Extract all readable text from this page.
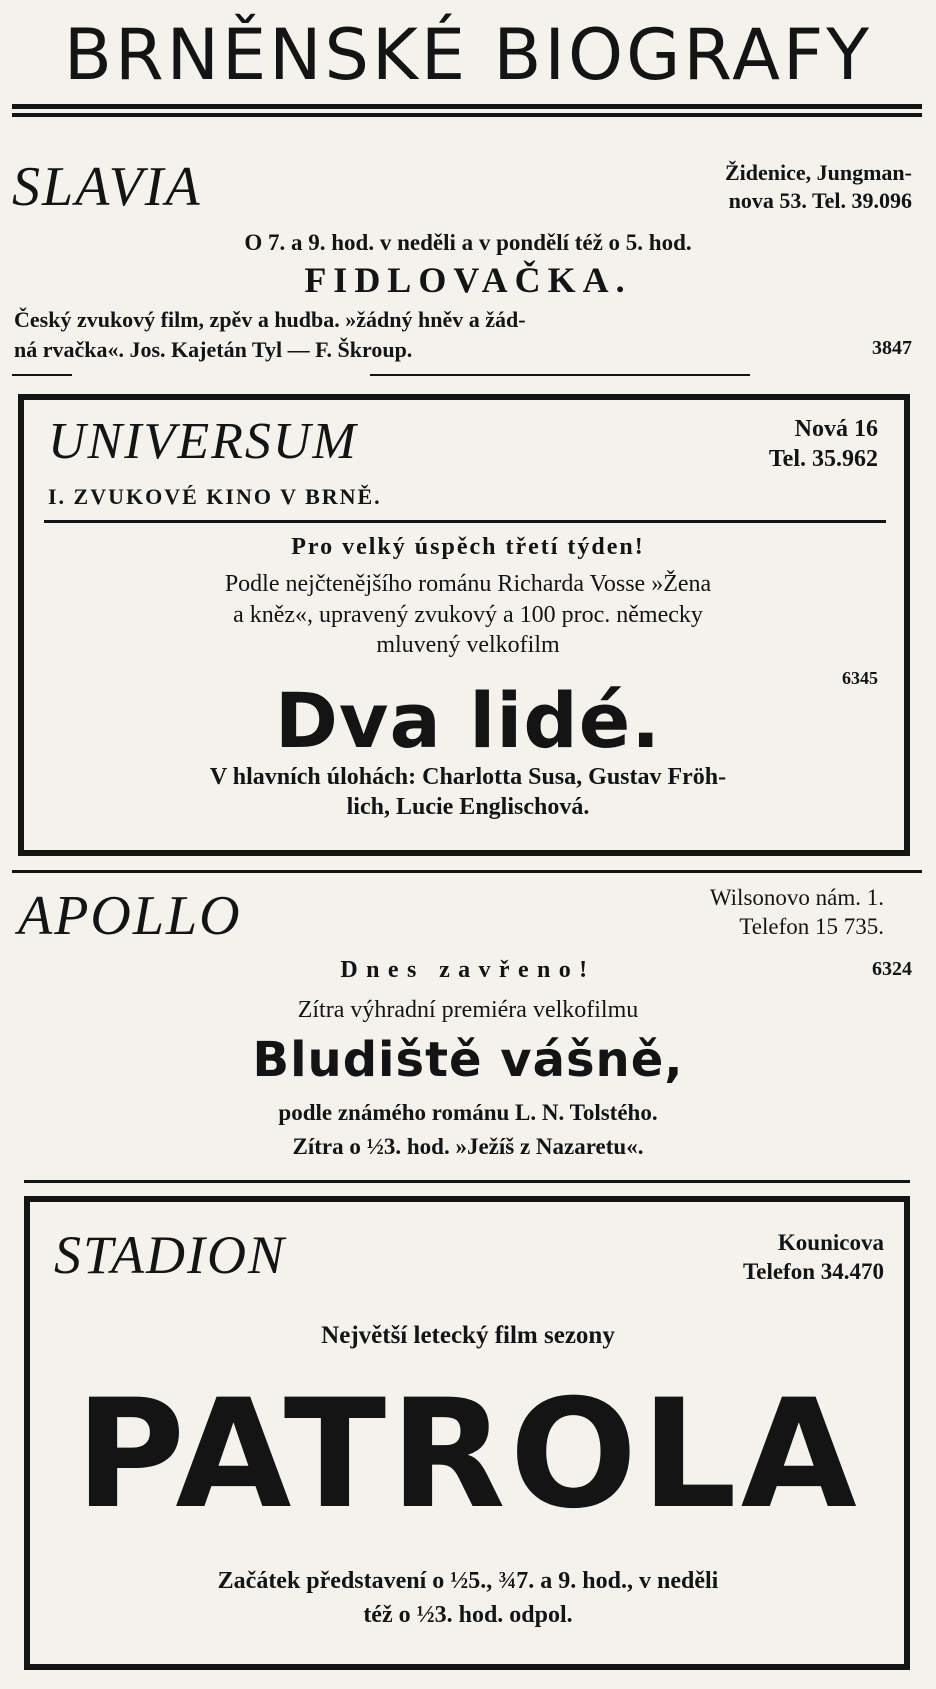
BRNĚNSKÉ BIOGRAFY
SLAVIA	Židenice, Jungman-
nova 53. Tel. 39.096
O 7. a 9. hod. v neděli a v pondělí též o 5. hod.
FIDLOVAČKA.
Český zvukový film, zpěv a hudba. »žádný hněv a žád-
ná rvačka«. Jos. Kajetán Tyl — F. Škroup.	3847
UNIVERSUM	Nová 16
Tel. 35.962
I. ZVUKOVÉ KINO V BRNĚ.
Pro velký úspěch třetí týden!
Podle nejčtenějšího románu Richarda Vosse »Žena
a kněz«, upravený zvukový a 100 proc. německy
mluvený velkofilm
6345
Dva lidé.
V hlavních úlohách: Charlotta Susa, Gustav Fröh-
lich, Lucie Englischová.
APOLLO	Wilsonovo nám. 1.
Telefon 15 735.
Dnes zavřeno!	6324
Zítra výhradní premiéra velkofilmu
Bludiště vášně,
podle známého románu L. N. Tolstého.
Zítra o ½3. hod. »Ježíš z Nazaretu«.
STADION	Kounicova
Telefon 34.470
Největší letecký film sezony
PATROLA
Začátek představení o ½5., ¾7. a 9. hod., v neděli
též o ½3. hod. odpol.
